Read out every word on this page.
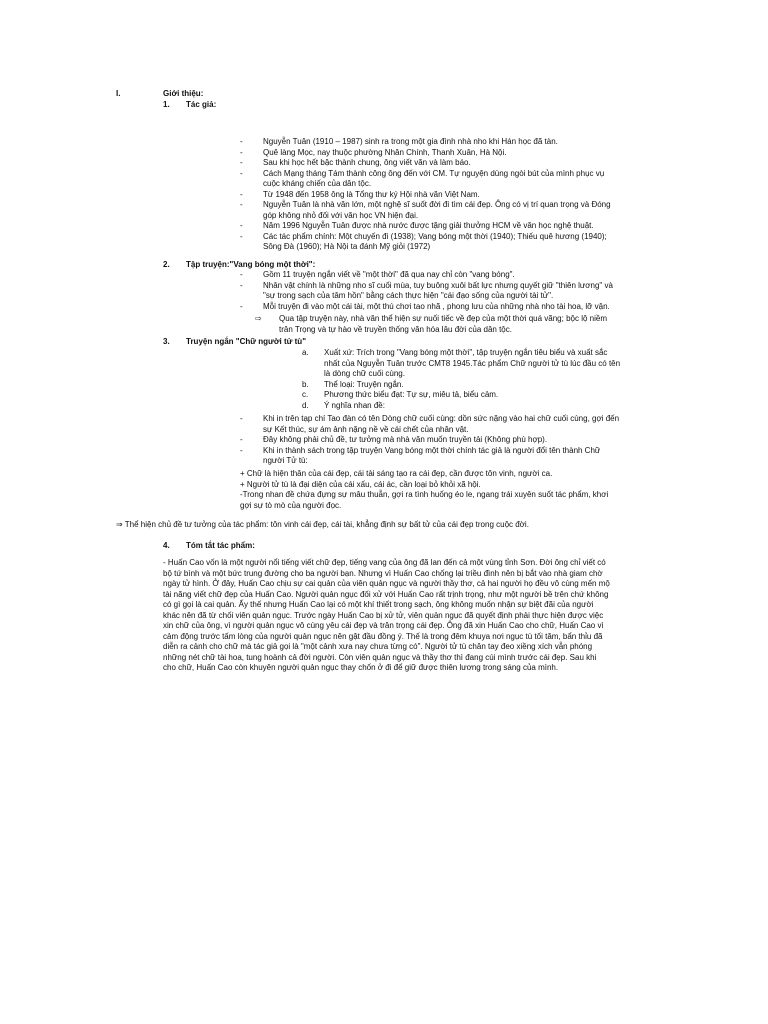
I.	Giới thiệu:
1. Tác giả:
-	Nguyễn Tuân (1910 – 1987) sinh ra trong một gia đình nhà nho khi Hán học đã tàn.
-	Quê làng Mọc, nay thuộc phường Nhân Chính, Thanh Xuân, Hà Nội.
-	Sau khi học hết bậc thành chung, ông viết văn và làm báo.
-	Cách Mạng tháng Tám thành công ông đến với CM. Tự nguyện dùng ngòi bút của mình phục vụ
cuộc kháng chiến của dân tộc.
-	Từ 1948 đến 1958 ông là Tổng thư ký Hội nhà văn Việt Nam.
-	Nguyễn Tuân là nhà văn lớn, một nghệ sĩ suốt đời đi tìm cái đẹp. Ông có vị trí quan trọng và Đóng
góp không nhỏ đối với văn học VN hiện đại.
-	Năm 1996 Nguyễn Tuân được nhà nước được tặng giải thưởng HCM về văn học nghệ thuật.
-	Các tác phẩm chính: Một chuyến đi (1938); Vang bóng một thời (1940); Thiếu quê hương (1940);
Sông Đà (1960); Hà Nội ta đánh Mỹ giỏi (1972)
2. Tập truyện:"Vang bóng một thời":
-	Gồm 11 truyện ngắn viết về "một thời" đã qua nay chỉ còn "vang bóng".
-	Nhân vật chính là những nho sĩ cuối mùa, tuy buông xuôi bất lực nhưng quyết giữ "thiên lương" và
"sự trong sạch của tâm hồn" bằng cách thực hiện "cái đạo sống của người tài tử".
-	Mỗi truyện đi vào một cái tài, một thú chơi tao nhã , phong lưu của những nhà nho tài hoa, lỡ vận.
⇨ Qua tập truyện này, nhà văn thể hiện sự nuối tiếc về đẹp của một thời quá vãng; bộc lộ niềm
trân Trọng và tự hào về truyền thống văn hóa lâu đời của dân tộc.
3. Truyện ngắn "Chữ người tử tù"
a. Xuất xứ: Trích trong "Vang bóng một thời", tập truyện ngắn tiêu biểu và xuất sắc
nhất của Nguyễn Tuân trước CMT8 1945.Tác phẩm Chữ người tử tù lúc đầu có tên
là dòng chữ cuối cùng.
b. Thể loại: Truyện ngắn.
c. Phương thức biểu đạt: Tự sự, miêu tả, biểu cảm.
d. Ý nghĩa nhan đề:
-	Khi in trên tạp chí Tao đàn có tên Dòng chữ cuối cùng: dồn sức nặng vào hai chữ cuối cùng, gợi đến
sự Kết thúc, sự ám ảnh nặng nề về cái chết của nhân vật.
-	Đây không phải chủ đề, tư tưởng mà nhà văn muốn truyền tải (Không phù hợp).
-	Khi in thành sách trong tập truyện Vang bóng một thời chính tác giả là người đổi tên thành Chữ
người Tử tù:
+ Chữ là hiện thân của cái đẹp, cái tài sáng tạo ra cái đẹp, cần được tôn vinh, người ca.
+ Người tử tù là đại diện của cái xấu, cái ác, cần loại bỏ khỏi xã hội.
-Trong nhan đề chứa đựng sự mâu thuẫn, gợi ra tình huống éo le, ngang trái xuyên suốt tác phẩm, khơi
gợi sự tò mò của người đọc.
⇒ Thể hiện chủ đề tư tưởng của tác phẩm: tôn vinh cái đẹp, cái tài, khẳng định sự bất tử của cái đẹp trong cuộc đời.
4. Tóm tắt tác phẩm:
- Huấn Cao vốn là một người nổi tiếng viết chữ đẹp, tiếng vang của ông đã lan đến cả một vùng tỉnh Sơn. Đời ông chỉ viết có
bộ tứ bình và một bức trung đường cho ba người bạn. Nhưng vì Huấn Cao chống lại triều đình nên bị bắt vào nhà giam chờ
ngày tử hình. Ở đây, Huấn Cao chịu sự cai quản của viên quản ngục và người thầy thơ, cả hai người họ đều vô cùng mến mộ
tài năng viết chữ đẹp của Huấn Cao. Người quản ngục đối xử với Huấn Cao rất trịnh trọng, như một người bề trên chứ không
có gì gọi là cai quản. Ấy thế nhưng Huấn Cao lại có một khí thiết trong sạch, ông không muốn nhận sự biệt đãi của người
khác nên đã từ chối viên quản ngục. Trước ngày Huấn Cao bị xử tử, viên quản ngục đã quyết định phải thực hiện được việc
xin chữ của ông, vì người quản ngục vô cùng yêu cái đẹp và trân trọng cái đẹp. Ông đã xin Huấn Cao cho chữ, Huấn Cao vì
cảm động trước tấm lòng của người quản ngục nên gật đầu đồng ý. Thế là trong đêm khuya nơi ngục tù tối tăm, bẩn thỉu đã
diễn ra cảnh cho chữ mà tác giả gọi là "một cảnh xưa nay chưa từng có". Người tử tù chân tay đeo xiềng xích vẫn phóng
những nét chữ tài hoa, tung hoành cả đời người. Còn viên quản ngục và thầy thơ thì đang cúi mình trước cái đẹp. Sau khi
cho chữ, Huấn Cao còn khuyên người quản ngục thay chốn ở đi để giữ được thiên lương trong sáng của mình.
